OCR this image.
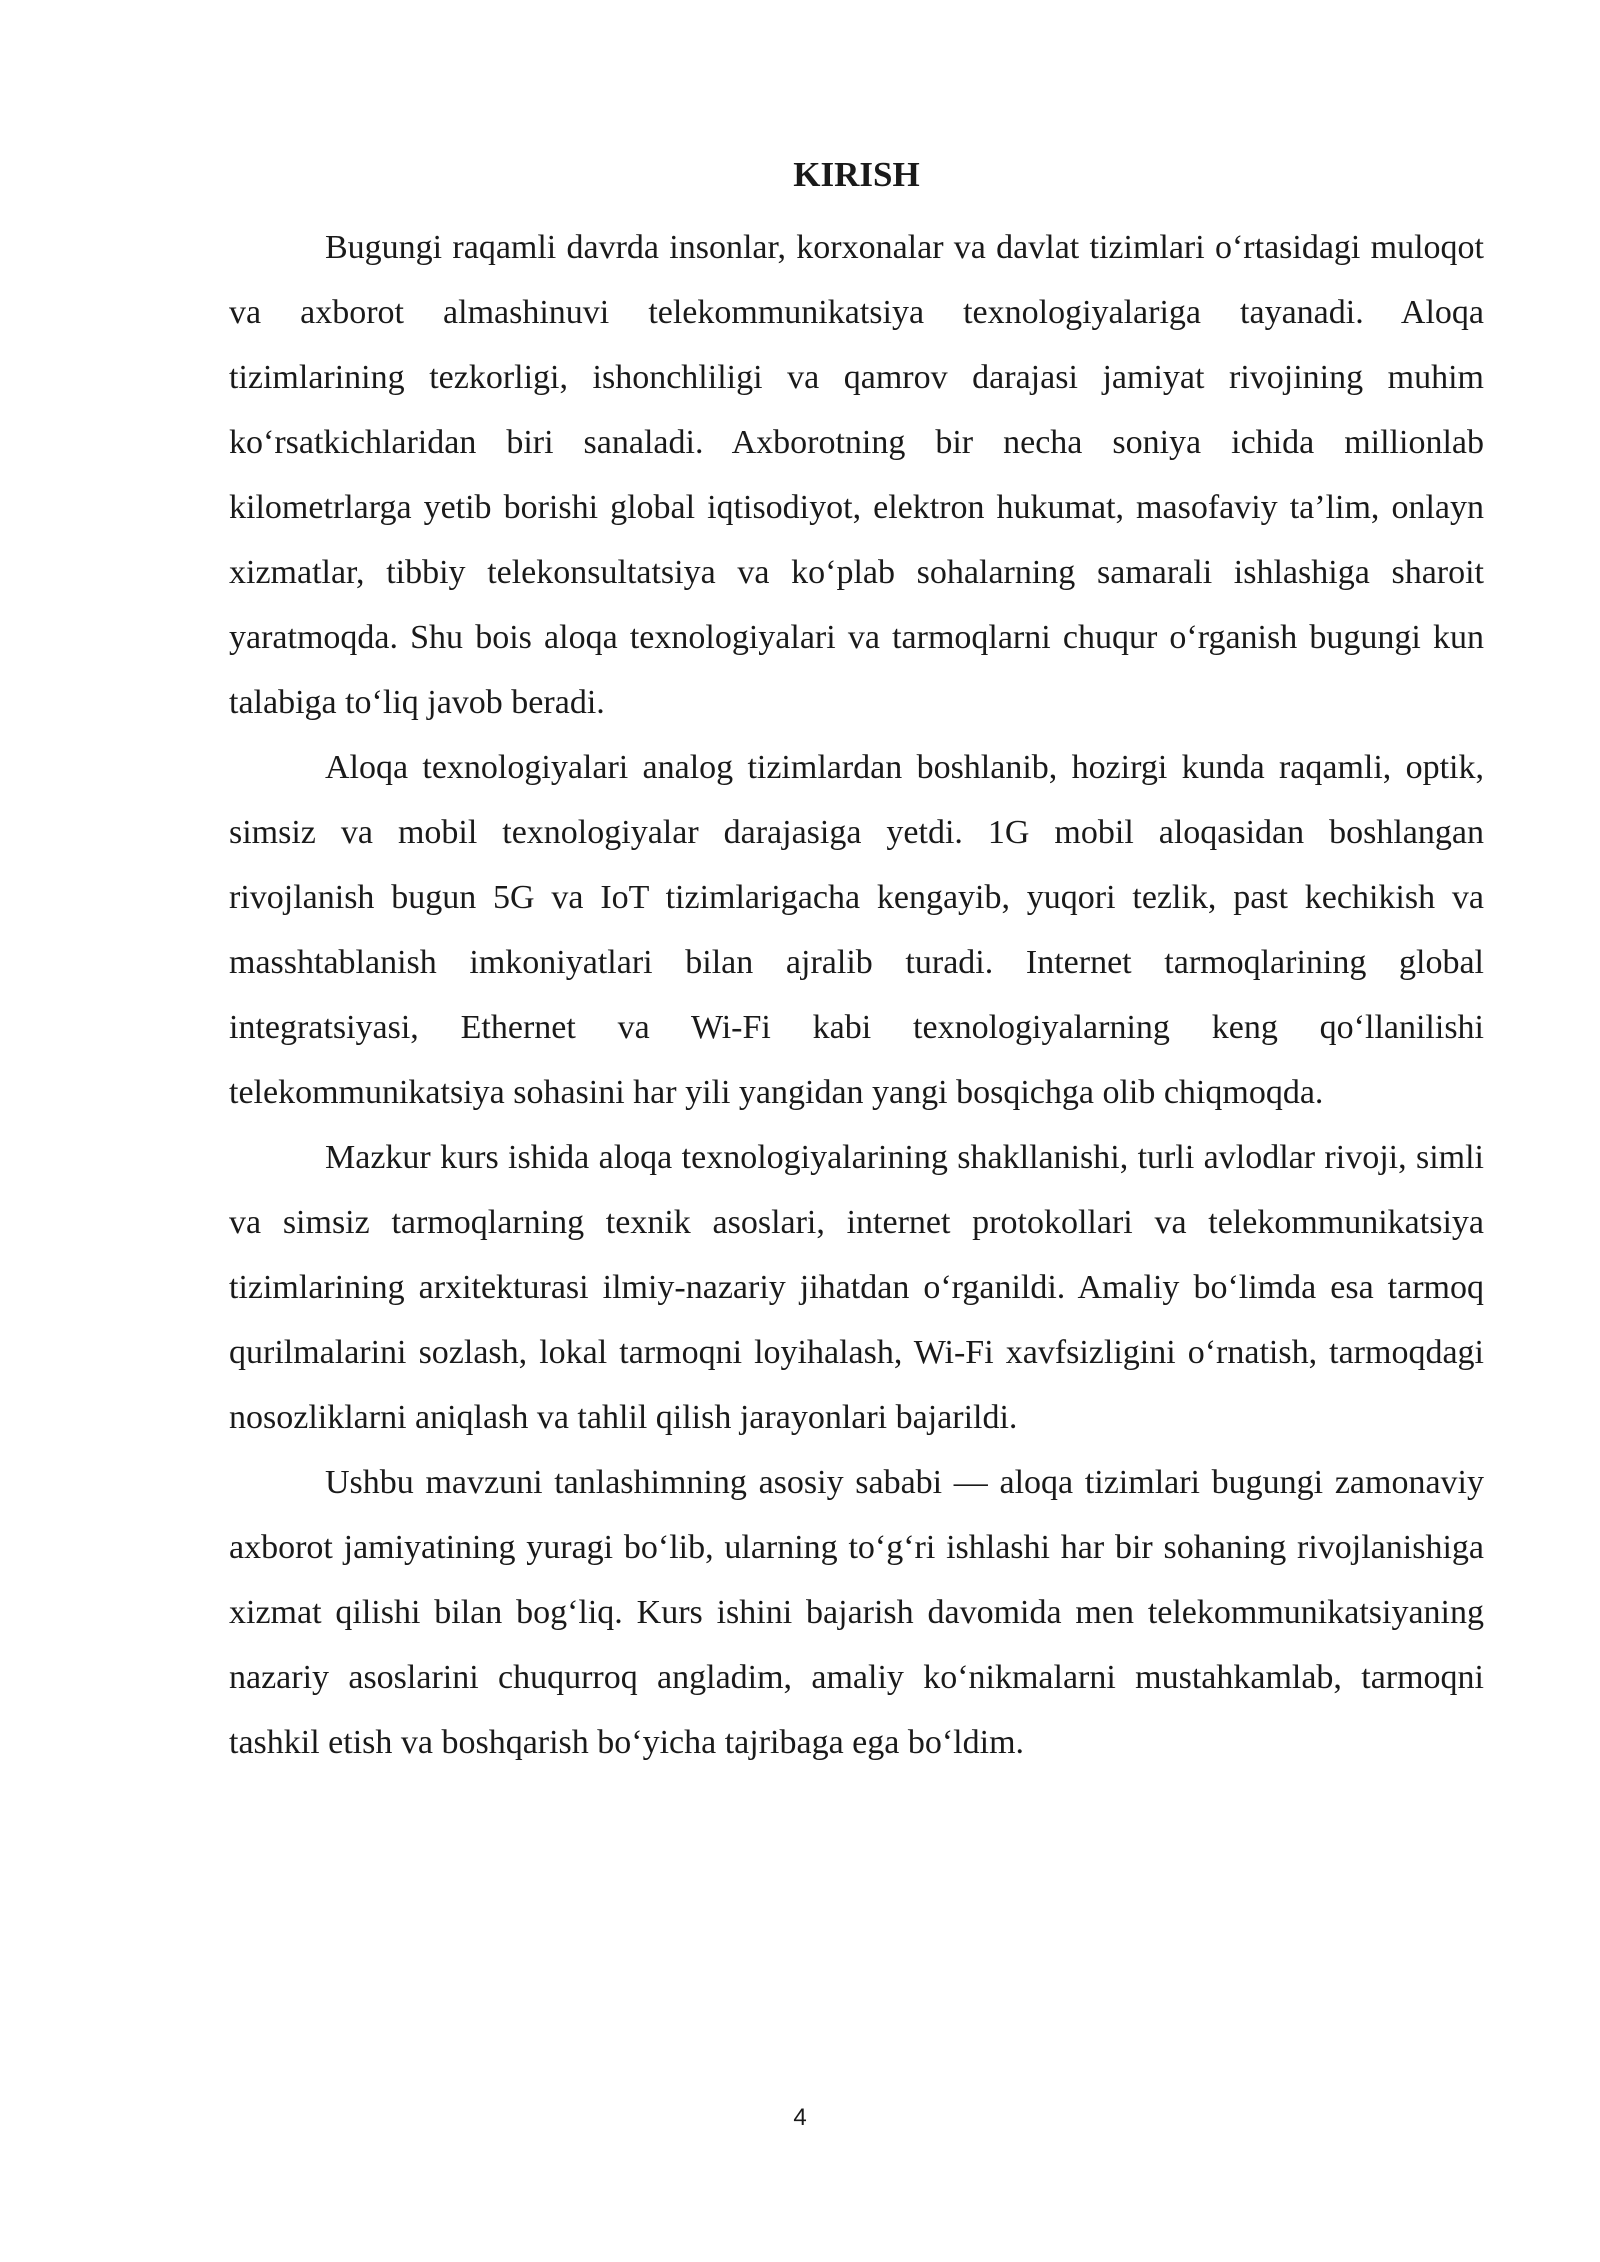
KIRISH

Bugungi raqamli davrda insonlar, korxonalar va davlat tizimlari o‘rtasidagi muloqot va axborot almashinuvi telekommunikatsiya texnologiyalariga tayanadi. Aloqa tizimlarining tezkorligi, ishonchliligi va qamrov darajasi jamiyat rivojining muhim ko‘rsatkichlaridan biri sanaladi. Axborotning bir necha soniya ichida millionlab kilometrlarga yetib borishi global iqtisodiyot, elektron hukumat, masofaviy ta’lim, onlayn xizmatlar, tibbiy telekonsultatsiya va ko‘plab sohalarning samarali ishlashiga sharoit yaratmoqda. Shu bois aloqa texnologiyalari va tarmoqlarni chuqur o‘rganish bugungi kun talabiga to‘liq javob beradi.

Aloqa texnologiyalari analog tizimlardan boshlanib, hozirgi kunda raqamli, optik, simsiz va mobil texnologiyalar darajasiga yetdi. 1G mobil aloqasidan boshlangan rivojlanish bugun 5G va IoT tizimlarigacha kengayib, yuqori tezlik, past kechikish va masshtablanish imkoniyatlari bilan ajralib turadi. Internet tarmoqlarining global integratsiyasi, Ethernet va Wi-Fi kabi texnologiyalarning keng qo‘llanilishi telekommunikatsiya sohasini har yili yangidan yangi bosqichga olib chiqmoqda.

Mazkur kurs ishida aloqa texnologiyalarining shakllanishi, turli avlodlar rivoji, simli va simsiz tarmoqlarning texnik asoslari, internet protokollari va telekommunikatsiya tizimlarining arxitekturasi ilmiy-nazariy jihatdan o‘rganildi. Amaliy bo‘limda esa tarmoq qurilmalarini sozlash, lokal tarmoqni loyihalash, Wi-Fi xavfsizligini o‘rnatish, tarmoqdagi nosozliklarni aniqlash va tahlil qilish jarayonlari bajarildi.

Ushbu mavzuni tanlashimning asosiy sababi — aloqa tizimlari bugungi zamonaviy axborot jamiyatining yuragi bo‘lib, ularning to‘g‘ri ishlashi har bir sohaning rivojlanishiga xizmat qilishi bilan bog‘liq. Kurs ishini bajarish davomida men telekommunikatsiyaning nazariy asoslarini chuqurroq angladim, amaliy ko‘nikmalarni mustahkamlab, tarmoqni tashkil etish va boshqarish bo‘yicha tajribaga ega bo‘ldim.

4
